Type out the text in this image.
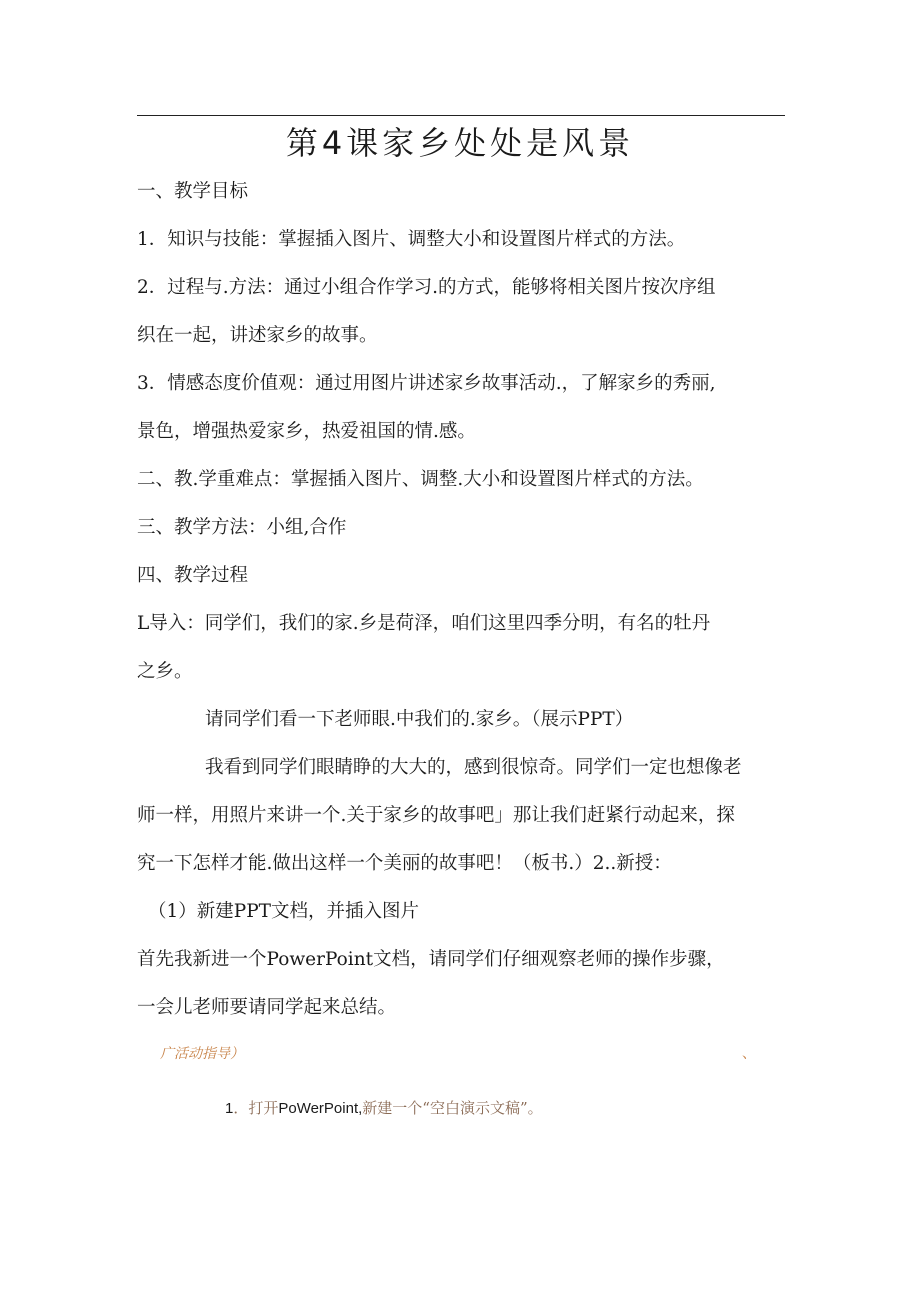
第4课家乡处处是风景

一、教学目标

1．知识与技能：掌握插入图片、调整大小和设置图片样式的方法。

2．过程与.方法：通过小组合作学习.的方式，能够将相关图片按次序组

织在一起，讲述家乡的故事。

3．情感态度价值观：通过用图片讲述家乡故事活动.，了解家乡的秀丽,

景色，增强热爱家乡，热爱祖国的情.感。

二、教.学重难点：掌握插入图片、调整.大小和设置图片样式的方法。

三、教学方法：小组,合作

四、教学过程

L导入：同学们，我们的家.乡是荷泽，咱们这里四季分明，有名的牡丹

之乡。

请同学们看一下老师眼.中我们的.家乡。（展示PPT）

我看到同学们眼睛睁的大大的，感到很惊奇。同学们一定也想像老

师一样，用照片来讲一个.关于家乡的故事吧」那让我们赶紧行动起来，探

究一下怎样才能.做出这样一个美丽的故事吧！（板书.）2..新授：

（1）新建PPT文档，并插入图片

首先我新进一个PowerPoint文档，请同学们仔细观察老师的操作步骤，

一会儿老师要请同学起来总结。

广活动指导）	、

1．打开PoWerPoint,新建一个“空白演示文稿”。
